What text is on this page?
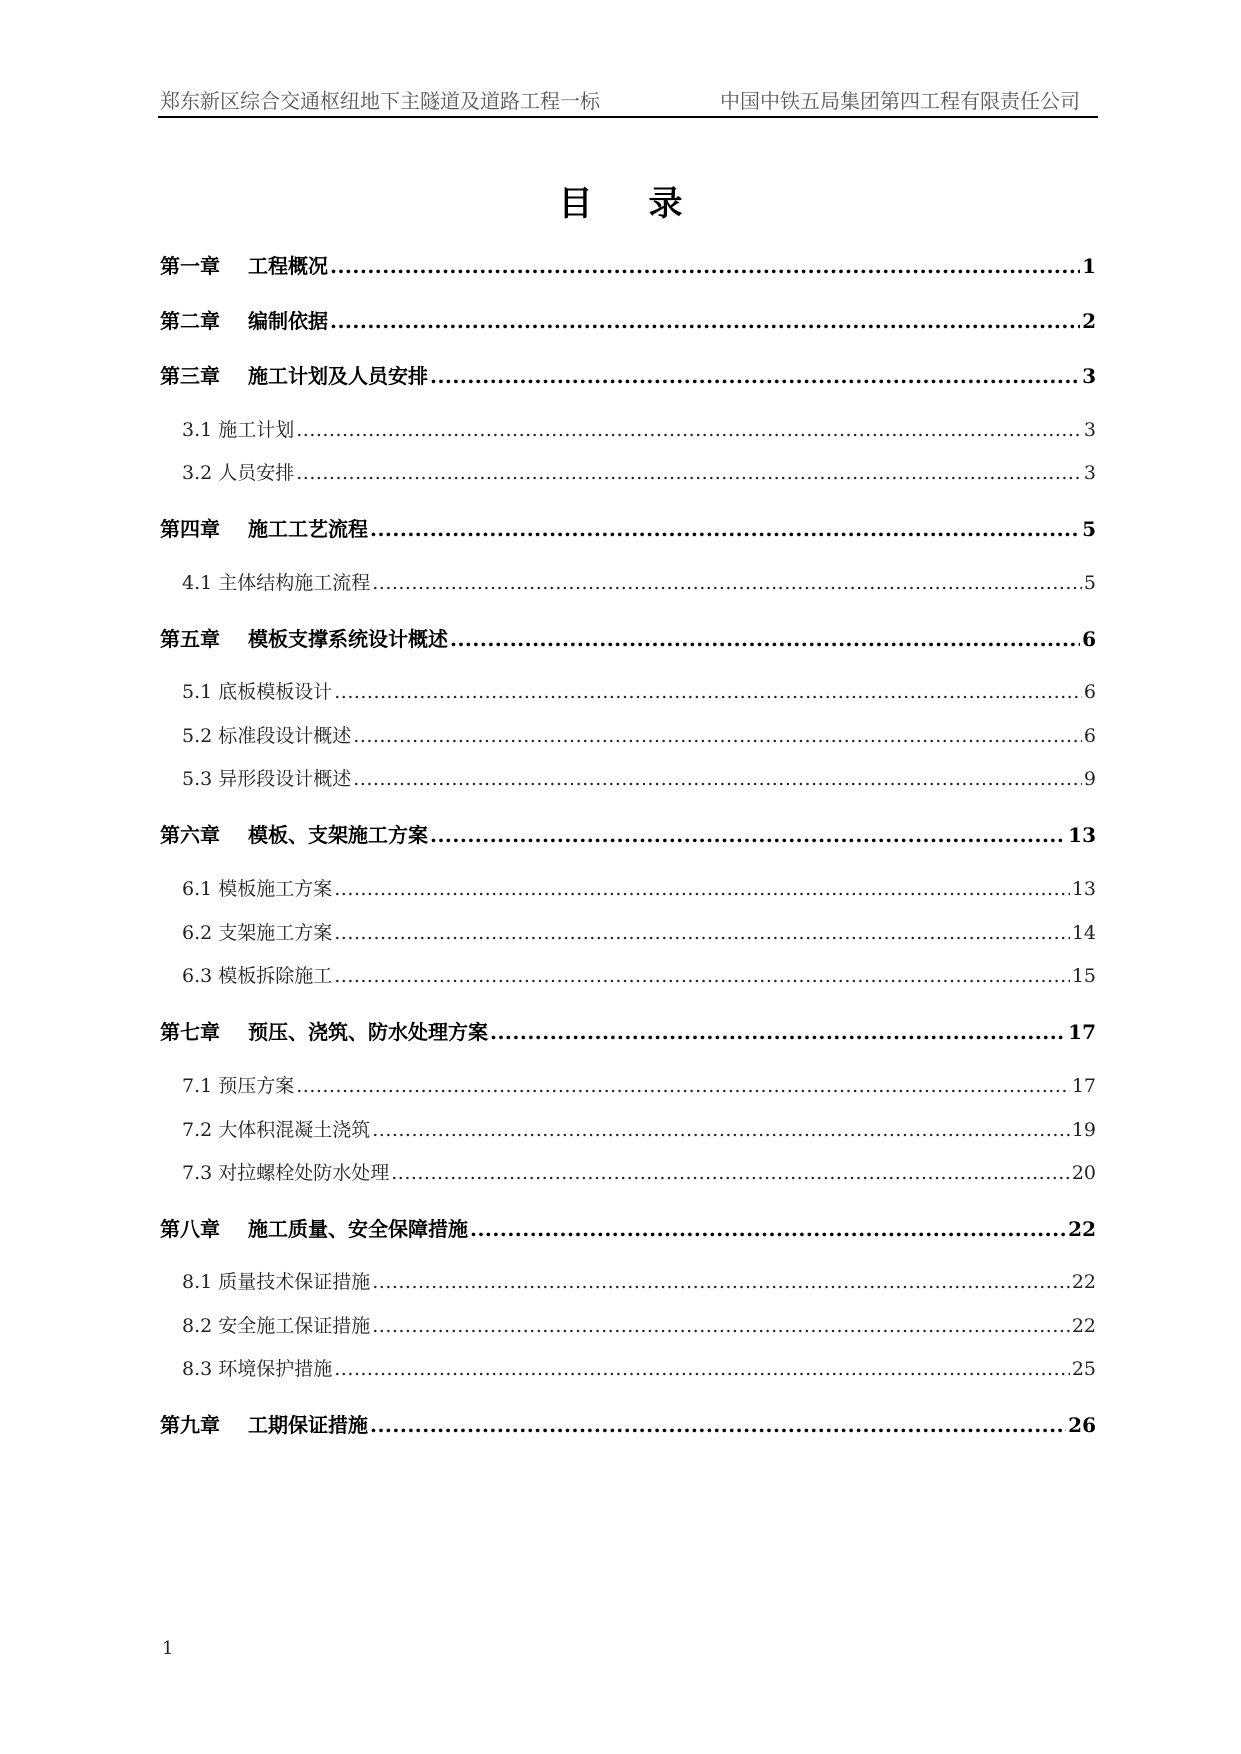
郑东新区综合交通枢纽地下主隧道及道路工程一标	中国中铁五局集团第四工程有限责任公司
目 录
第一章	工程概况 .....	1
第二章	编制依据 .....	2
第三章	施工计划及人员安排 .....	3
3.1 施工计划 .....	3
3.2 人员安排 .....	3
第四章	施工工艺流程 .....	5
4.1 主体结构施工流程 .....	5
第五章	模板支撑系统设计概述 .....	6
5.1 底板模板设计 .....	6
5.2 标准段设计概述 .....	6
5.3 异形段设计概述 .....	9
第六章	模板、支架施工方案 .....	13
6.1 模板施工方案 .....	13
6.2 支架施工方案 .....	14
6.3 模板拆除施工 .....	15
第七章	预压、浇筑、防水处理方案 .....	17
7.1 预压方案 .....	17
7.2 大体积混凝土浇筑 .....	19
7.3 对拉螺栓处防水处理 .....	20
第八章	施工质量、安全保障措施 .....	22
8.1 质量技术保证措施 .....	22
8.2 安全施工保证措施 .....	22
8.3 环境保护措施 .....	25
第九章	工期保证措施 .....	26
1
